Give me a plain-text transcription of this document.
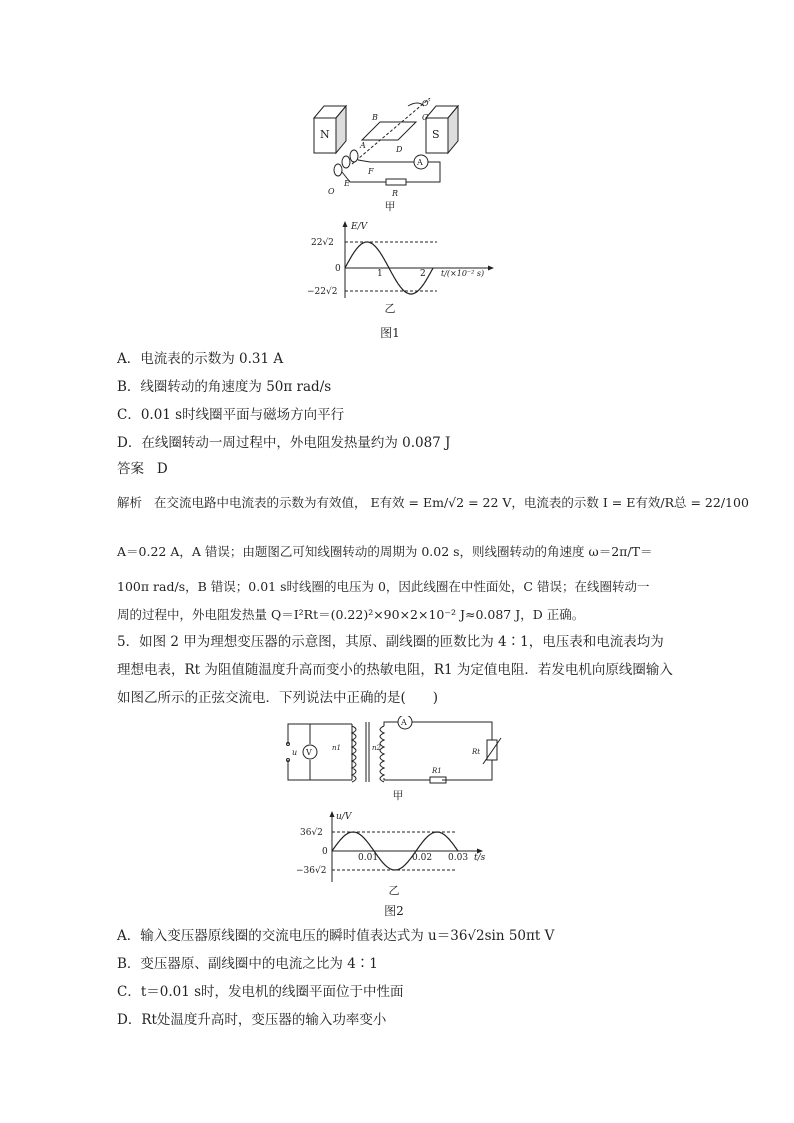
N	S
B
A
C
D
O′
E
F
O
A
R
甲
E/V
22√2
0
−22√2
1	2 t/(×10⁻² s)
乙
图1
A．电流表的示数为 0.31 A
B．线圈转动的角速度为 50π rad/s
C．0.01 s时线圈平面与磁场方向平行
D．在线圈转动一周过程中，外电阻发热量约为 0.087 J
答案 D
解析 在交流电路中电流表的示数为有效值， E有效 = Em/√2 = 22 V，电流表的示数 I = E有效/R总 = 22/100
A＝0.22 A，A 错误；由题图乙可知线圈转动的周期为 0.02 s，则线圈转动的角速度 ω＝2π/T＝
100π rad/s，B 错误；0.01 s时线圈的电压为 0，因此线圈在中性面处，C 错误；在线圈转动一
周的过程中，外电阻发热量 Q＝I²Rt＝(0.22)²×90×2×10⁻² J≈0.087 J，D 正确。
5．如图 2 甲为理想变压器的示意图，其原、副线圈的匝数比为 4∶1，电压表和电流表均为
理想电表，Rt 为阻值随温度升高而变小的热敏电阻，R1 为定值电阻．若发电机向原线圈输入
如图乙所示的正弦交流电．下列说法中正确的是(　　)
u V	n1	n2
A
Rt
R1
甲
u/V
36√2
0
−36√2
0.01	0.02 0.03 t/s
乙
图2
A．输入变压器原线圈的交流电压的瞬时值表达式为 u＝36√2sin 50πt V
B．变压器原、副线圈中的电流之比为 4∶1
C．t＝0.01 s时，发电机的线圈平面位于中性面
D．Rt处温度升高时，变压器的输入功率变小
